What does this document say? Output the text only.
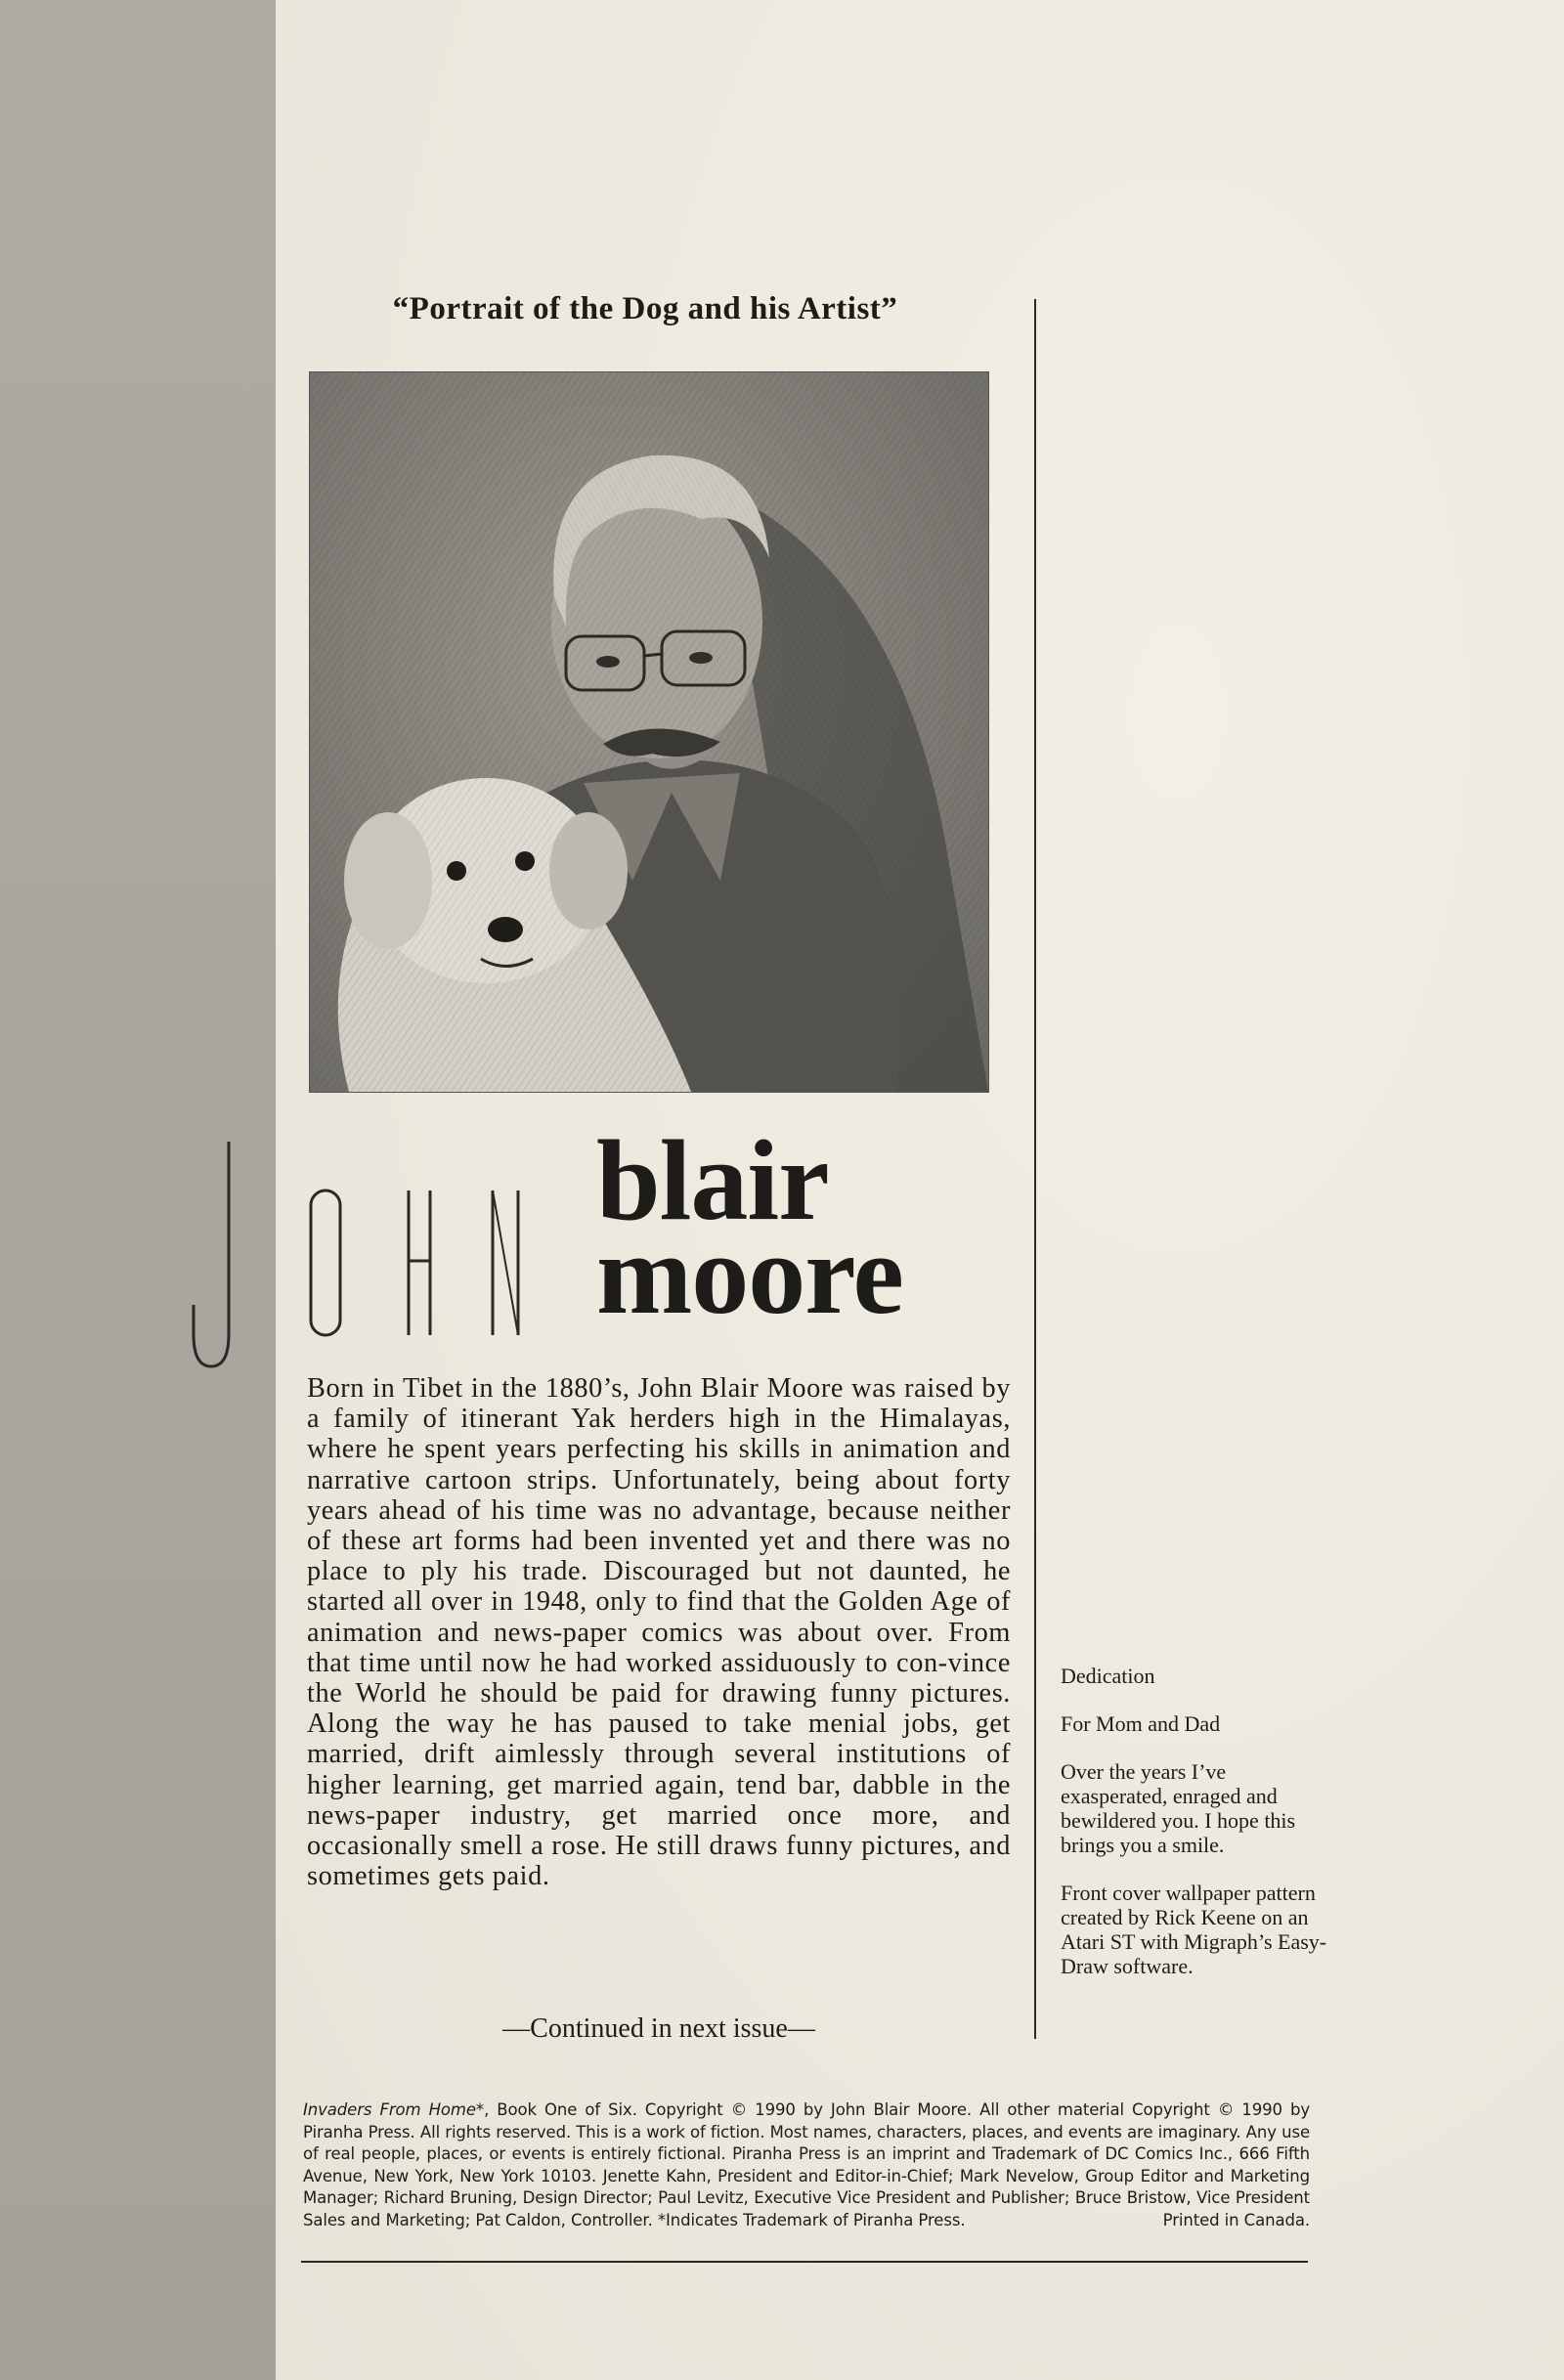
“Portrait of the Dog and his Artist”
blair
moore
Born in Tibet in the 1880’s, John Blair Moore was raised by a family of itinerant Yak herders high in the Himalayas, where he spent years perfecting his skills in animation and narrative cartoon strips. Unfortunately, being about forty years ahead of his time was no advantage, because neither of these art forms had been invented yet and there was no place to ply his trade. Discouraged but not daunted, he started all over in 1948, only to find that the Golden Age of animation and news-paper comics was about over. From that time until now he had worked assiduously to con-vince the World he should be paid for drawing funny pictures. Along the way he has paused to take menial jobs, get married, drift aimlessly through several institutions of higher learning, get married again, tend bar, dabble in the news-paper industry, get married once more, and occasionally smell a rose. He still draws funny pictures, and sometimes gets paid.
—Continued in next issue—

Dedication

For Mom and Dad

Over the years I’ve exasperated, enraged and bewildered you. I hope this brings you a smile.

Front cover wallpaper pattern created by Rick Keene on an Atari ST with Migraph’s Easy-Draw software.

Invaders From Home*, Book One of Six. Copyright © 1990 by John Blair Moore. All other material Copyright © 1990 by Piranha Press. All rights reserved. This is a work of fiction. Most names, characters, places, and events are imaginary. Any use of real people, places, or events is entirely fictional. Piranha Press is an imprint and Trademark of DC Comics Inc., 666 Fifth Avenue, New York, New York 10103. Jenette Kahn, President and Editor-in-Chief; Mark Nevelow, Group Editor and Marketing Manager; Richard Bruning, Design Director; Paul Levitz, Executive Vice President and Publisher; Bruce Bristow, Vice President Sales and Marketing; Pat Caldon, Controller. *Indicates Trademark of Piranha Press.	Printed in Canada.
